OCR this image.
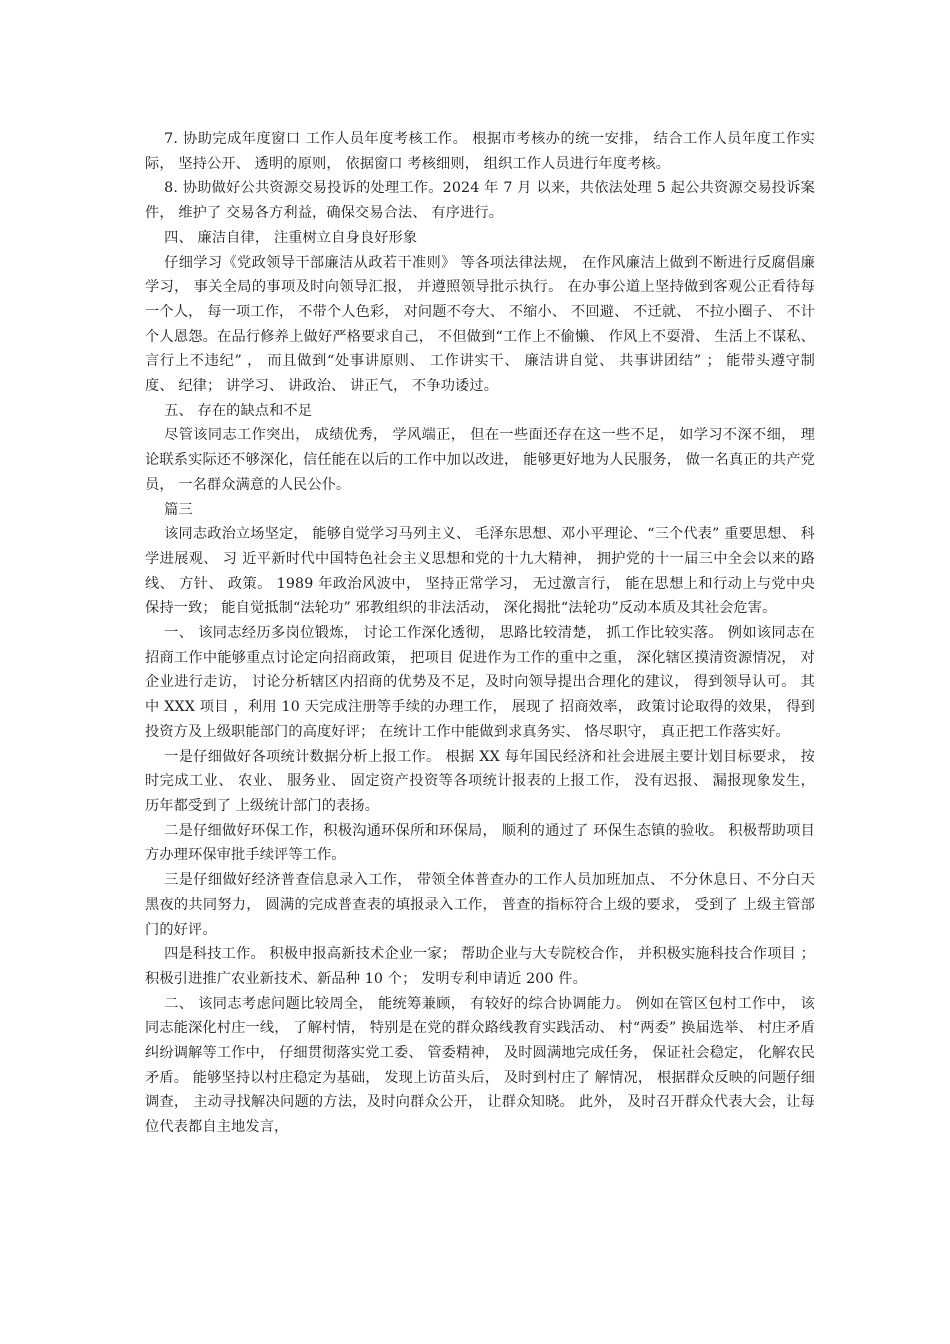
7. 协助完成年度窗口 工作人员年度考核工作。 根据市考核办的统一安排， 结合工作人员年度工作实际， 坚持公开、 透明的原则， 依据窗口 考核细则， 组织工作人员进行年度考核。

8. 协助做好公共资源交易投诉的处理工作。2024 年 7 月 以来，共依法处理 5 起公共资源交易投诉案件， 维护了 交易各方利益，确保交易合法、 有序进行。

四、 廉洁自律， 注重树立自身良好形象

仔细学习《党政领导干部廉洁从政若干准则》 等各项法律法规， 在作风廉洁上做到不断进行反腐倡廉学习， 事关全局的事项及时向领导汇报， 并遵照领导批示执行。 在办事公道上坚持做到客观公正看待每一个人， 每一项工作， 不带个人色彩， 对问题不夸大、 不缩小、 不回避、 不迁就、 不拉小圈子、 不计个人恩怨。在品行修养上做好严格要求自己， 不但做到“工作上不偷懒、 作风上不耍滑、 生活上不谋私、 言行上不违纪” ， 而且做到“处事讲原则、 工作讲实干、 廉洁讲自觉、 共事讲团结” ； 能带头遵守制度、 纪律； 讲学习、 讲政治、 讲正气， 不争功诿过。

五、 存在的缺点和不足

尽管该同志工作突出， 成绩优秀， 学风端正， 但在一些面还存在这一些不足， 如学习不深不细， 理论联系实际还不够深化，信任能在以后的工作中加以改进， 能够更好地为人民服务， 做一名真正的共产党员， 一名群众满意的人民公仆。

篇三

该同志政治立场坚定， 能够自觉学习马列主义、 毛泽东思想、邓小平理论、“三个代表” 重要思想、 科学进展观、 习 近平新时代中国特色社会主义思想和党的十九大精神， 拥护党的十一届三中全会以来的路线、 方针、 政策。 1989 年政治风波中， 坚持正常学习， 无过激言行， 能在思想上和行动上与党中央保持一致； 能自觉抵制“法轮功” 邪教组织的非法活动， 深化揭批“法轮功”反动本质及其社会危害。

一、 该同志经历多岗位锻炼， 讨论工作深化透彻， 思路比较清楚， 抓工作比较实落。 例如该同志在招商工作中能够重点讨论定向招商政策， 把项目 促进作为工作的重中之重， 深化辖区摸清资源情况， 对企业进行走访， 讨论分析辖区内招商的优势及不足，及时向领导提出合理化的建议， 得到领导认可。 其中 XXX 项目 ，利用 10 天完成注册等手续的办理工作， 展现了 招商效率， 政策讨论取得的效果， 得到投资方及上级职能部门的高度好评； 在统计工作中能做到求真务实、 恪尽职守， 真正把工作落实好。

一是仔细做好各项统计数据分析上报工作。 根据 XX 每年国民经济和社会进展主要计划目标要求， 按时完成工业、 农业、 服务业、 固定资产投资等各项统计报表的上报工作， 没有迟报、 漏报现象发生， 历年都受到了 上级统计部门的表扬。

二是仔细做好环保工作，积极沟通环保所和环保局， 顺利的通过了 环保生态镇的验收。 积极帮助项目 方办理环保审批手续评等工作。

三是仔细做好经济普查信息录入工作， 带领全体普查办的工作人员加班加点、 不分休息日、不分白天黑夜的共同努力， 圆满的完成普查表的填报录入工作， 普查的指标符合上级的要求， 受到了 上级主管部门的好评。

四是科技工作。 积极申报高新技术企业一家； 帮助企业与大专院校合作， 并积极实施科技合作项目 ； 积极引进推广农业新技术、新品种 10 个； 发明专利申请近 200 件。

二、 该同志考虑问题比较周全， 能统筹兼顾， 有较好的综合协调能力。 例如在管区包村工作中， 该同志能深化村庄一线， 了解村情， 特别是在党的群众路线教育实践活动、 村“两委” 换届选举、 村庄矛盾纠纷调解等工作中， 仔细贯彻落实党工委、 管委精神， 及时圆满地完成任务， 保证社会稳定， 化解农民矛盾。 能够坚持以村庄稳定为基础， 发现上访苗头后， 及时到村庄了 解情况， 根据群众反映的问题仔细调查， 主动寻找解决问题的方法，及时向群众公开， 让群众知晓。 此外， 及时召开群众代表大会，让每位代表都自主地发言，
